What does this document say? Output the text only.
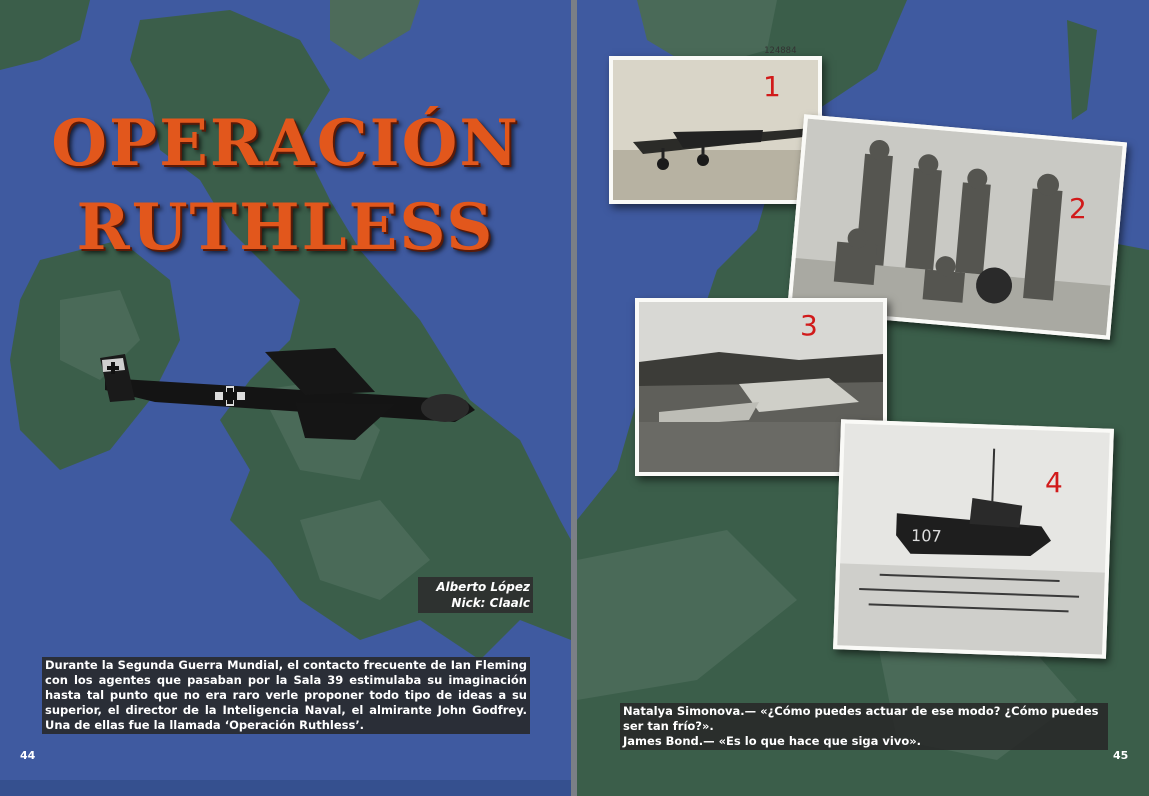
OPERACIÓN
RUTHLESS
Alberto López
Nick: Claalc
Durante la Segunda Guerra Mundial, el contacto frecuente de Ian Fleming con los agentes que pasaban por la Sala 39 estimulaba su imaginación hasta tal punto que no era raro verle proponer todo tipo de ideas a su superior, el director de la Inteligencia Naval, el almirante John Godfrey. Una de ellas fue la llamada ‘Operación Ruthless’.
44
124884
1
2
3
107
4
Natalya Simonova.— «¿Cómo puedes actuar de ese modo? ¿Cómo puedes ser tan frío?».
James Bond.— «Es lo que hace que siga vivo».
45
